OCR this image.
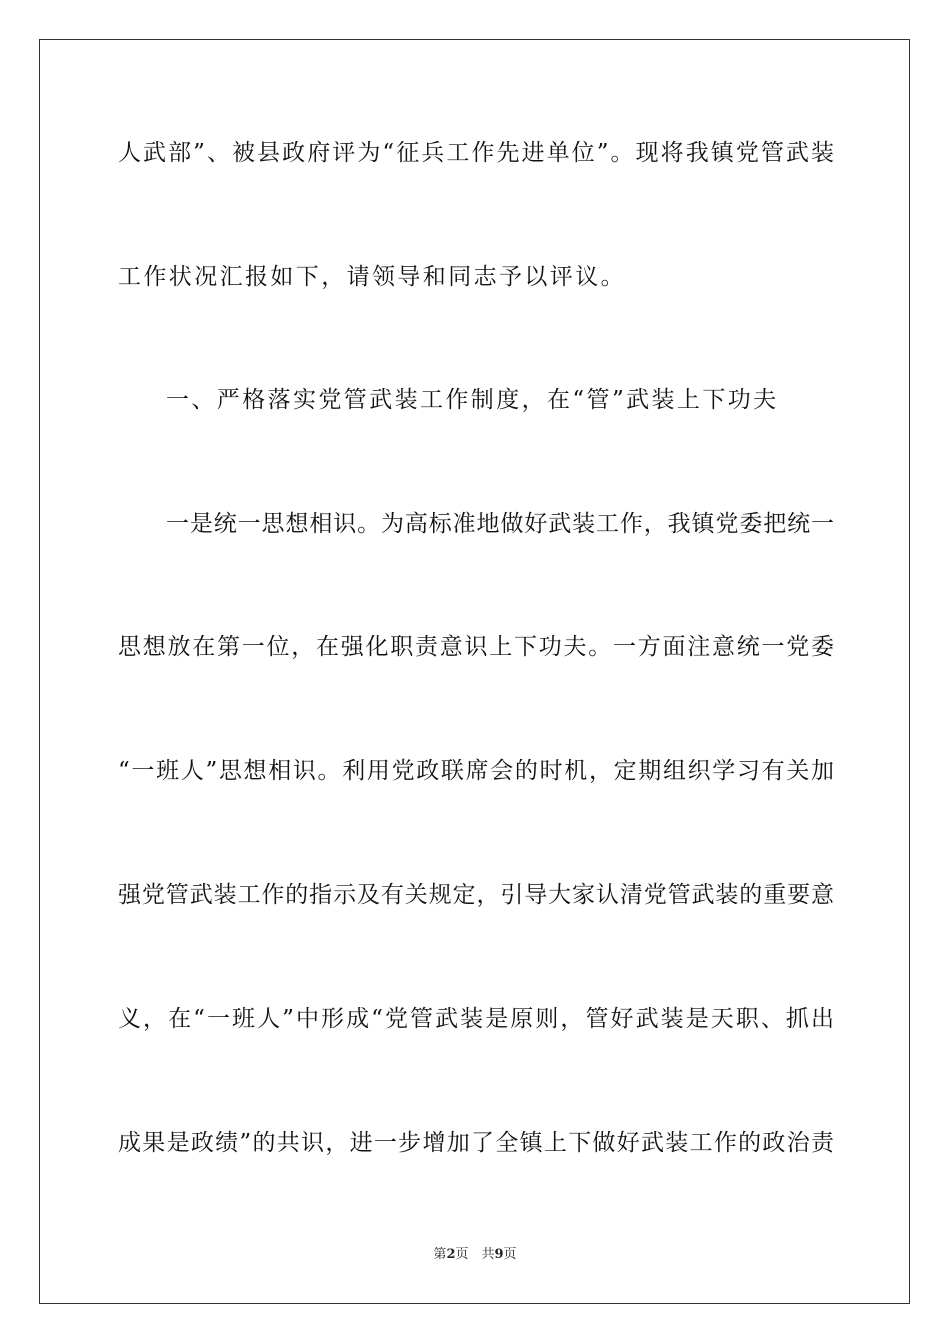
人武部”、被县政府评为“征兵工作先进单位”。现将我镇党管武装
工作状况汇报如下，请领导和同志予以评议。
一、严格落实党管武装工作制度，在“管”武装上下功夫
一是统一思想相识。为高标准地做好武装工作，我镇党委把统一
思想放在第一位，在强化职责意识上下功夫。一方面注意统一党委
“一班人”思想相识。利用党政联席会的时机，定期组织学习有关加
强党管武装工作的指示及有关规定，引导大家认清党管武装的重要意
义，在“一班人”中形成“党管武装是原则，管好武装是天职、抓出
成果是政绩”的共识，进一步增加了全镇上下做好武装工作的政治责
第2页　共9页
